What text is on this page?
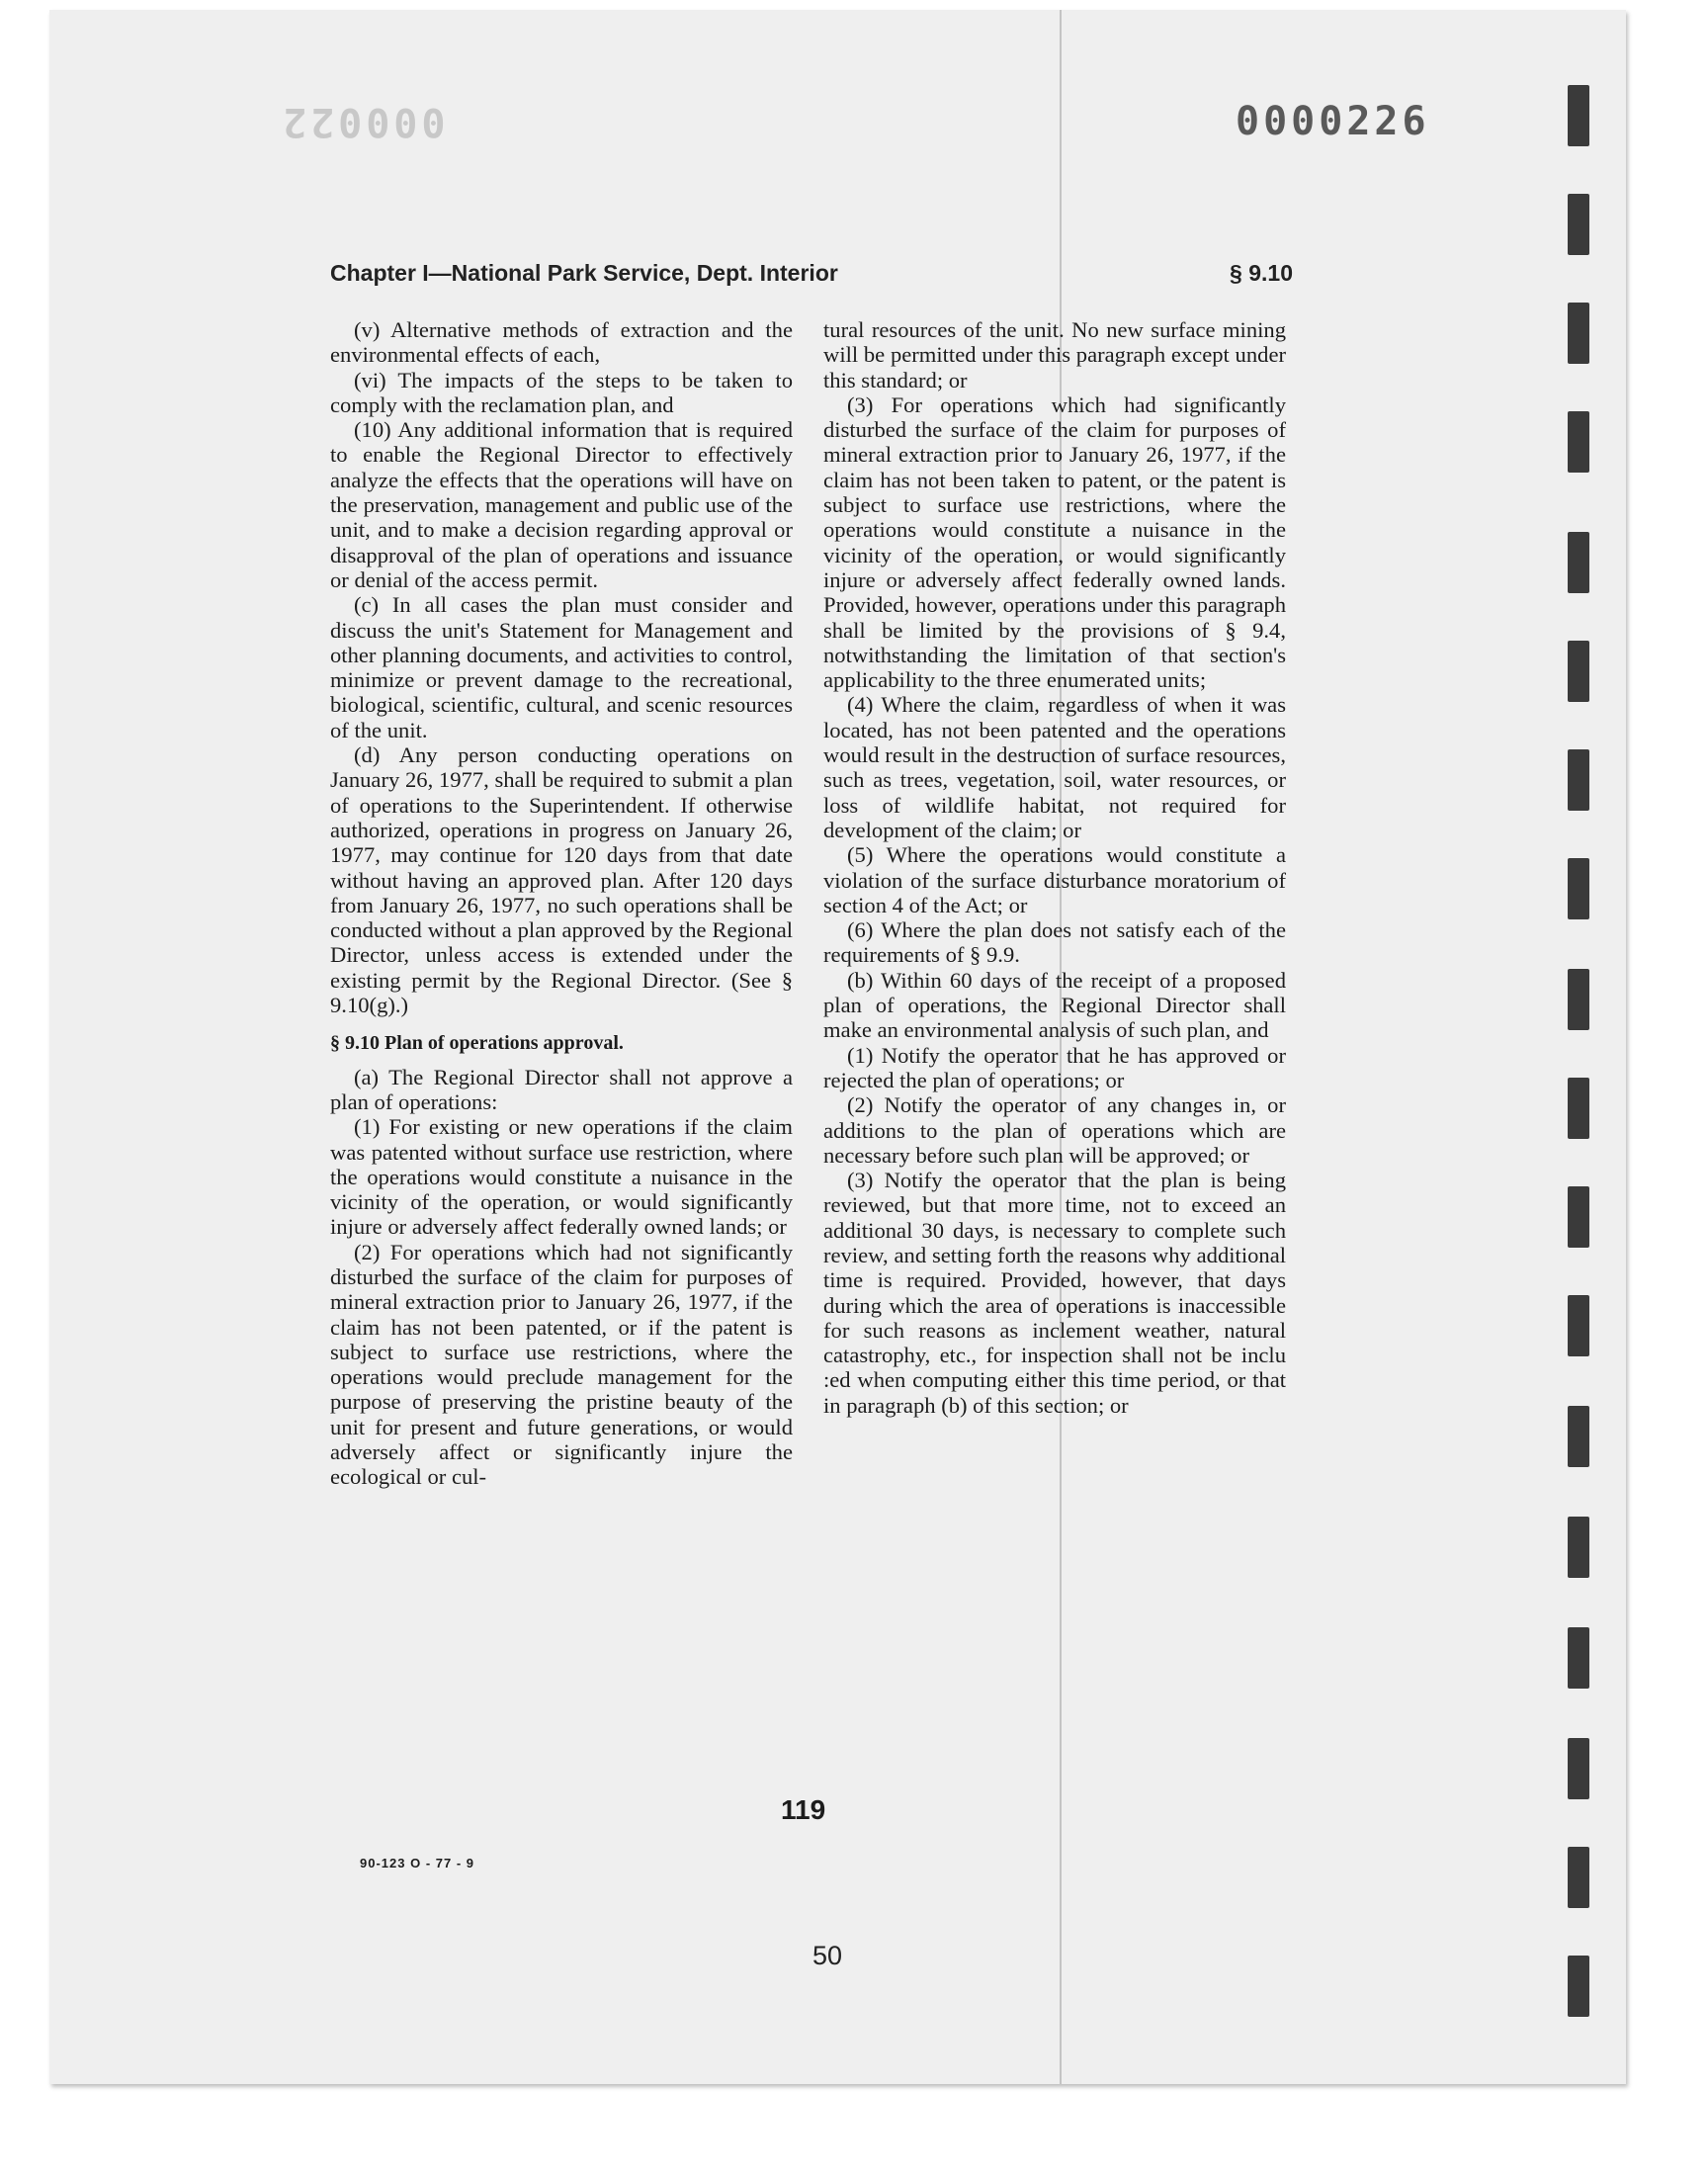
000022	0000226
Chapter I—National Park Service, Dept. Interior	§ 9.10

(v) Alternative methods of extraction and the environmental effects of each,

(vi) The impacts of the steps to be taken to comply with the reclamation plan, and

(10) Any additional information that is required to enable the Regional Director to effectively analyze the effects that the operations will have on the preservation, management and public use of the unit, and to make a decision regarding approval or disapproval of the plan of operations and issuance or denial of the access permit.

(c) In all cases the plan must consider and discuss the unit's Statement for Management and other planning documents, and activities to control, minimize or prevent damage to the recreational, biological, scientific, cultural, and scenic resources of the unit.

(d) Any person conducting operations on January 26, 1977, shall be required to submit a plan of operations to the Superintendent. If otherwise authorized, operations in progress on January 26, 1977, may continue for 120 days from that date without having an approved plan. After 120 days from January 26, 1977, no such operations shall be conducted without a plan approved by the Regional Director, unless access is extended under the existing permit by the Regional Director. (See § 9.10(g).)

§ 9.10 Plan of operations approval.

(a) The Regional Director shall not approve a plan of operations:

(1) For existing or new operations if the claim was patented without surface use restriction, where the operations would constitute a nuisance in the vicinity of the operation, or would significantly injure or adversely affect federally owned lands; or

(2) For operations which had not significantly disturbed the surface of the claim for purposes of mineral extraction prior to January 26, 1977, if the claim has not been patented, or if the patent is subject to surface use restrictions, where the operations would preclude management for the purpose of preserving the pristine beauty of the unit for present and future generations, or would adversely affect or significantly injure the ecological or cul-

tural resources of the unit. No new surface mining will be permitted under this paragraph except under this standard; or

(3) For operations which had significantly disturbed the surface of the claim for purposes of mineral extraction prior to January 26, 1977, if the claim has not been taken to patent, or the patent is subject to surface use restrictions, where the operations would constitute a nuisance in the vicinity of the operation, or would significantly injure or adversely affect federally owned lands. Provided, however, operations under this paragraph shall be limited by the provisions of § 9.4, notwithstanding the limitation of that section's applicability to the three enumerated units;

(4) Where the claim, regardless of when it was located, has not been patented and the operations would result in the destruction of surface resources, such as trees, vegetation, soil, water resources, or loss of wildlife habitat, not required for development of the claim; or

(5) Where the operations would constitute a violation of the surface disturbance moratorium of section 4 of the Act; or

(6) Where the plan does not satisfy each of the requirements of § 9.9.

(b) Within 60 days of the receipt of a proposed plan of operations, the Regional Director shall make an environmental analysis of such plan, and

(1) Notify the operator that he has approved or rejected the plan of operations; or

(2) Notify the operator of any changes in, or additions to the plan of operations which are necessary before such plan will be approved; or

(3) Notify the operator that the plan is being reviewed, but that more time, not to exceed an additional 30 days, is necessary to complete such review, and setting forth the reasons why additional time is required. Provided, however, that days during which the area of operations is inaccessible for such reasons as inclement weather, natural catastrophy, etc., for inspection shall not be inclu :ed when computing either this time period, or that in paragraph (b) of this section; or

119
90-123 O - 77 - 9
50
